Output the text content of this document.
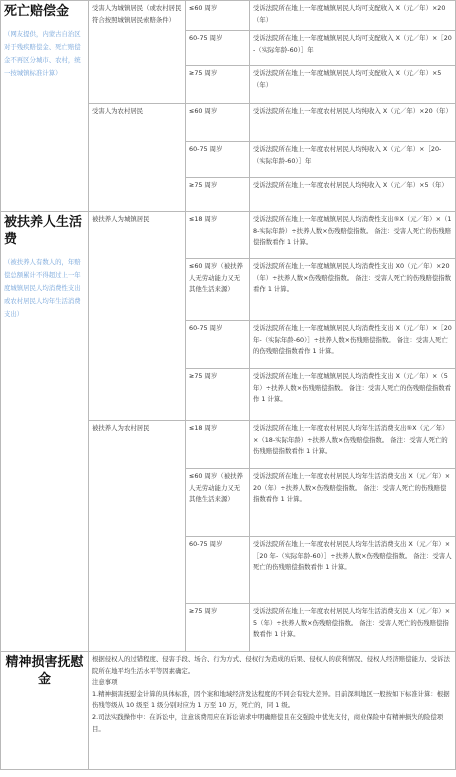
死亡赔偿金
（网友提供，内蒙古自治区对于残疾赔偿金、死亡赔偿金不再区分城市、农村，统一按城镇标准计算）	受害人为城镇居民（或农村居民符合按照城镇居民索赔条件）	≤60 周岁	受诉法院所在地上一年度城镇居民人均可支配收入 X（元／年）×20（年）
		60-75 周岁	受诉法院所在地上一年度城镇居民人均可支配收入 X（元／年）×［20-（实际年龄-60）］年
		≥75 周岁	受诉法院所在地上一年度城镇居民人均可支配收入 X（元／年）×5（年）
	受害人为农村居民	≤60 周岁	受诉法院所在地上一年度农村居民人均纯收入 X（元／年）×20（年）
		60-75 周岁	受诉法院所在地上一年度农村居民人均纯收入 X（元／年）×［20-（实际年龄-60）］年
		≥75 周岁	受诉法院所在地上一年度农村居民人均纯收入 X（元／年）×5（年）

被扶养人生活费
（被扶养人有数人的，年赔偿总额累计不得超过上一年度城镇居民人均消费性支出或农村居民人均年生活消费支出）	被扶养人为城镇居民	≤18 周岁	受诉法院所在地上一年度城镇居民人均消费性支出⑤X（元／年）×（18-实际年龄）÷扶养人数×伤残赔偿指数。 备注：受害人死亡的伤残赔偿指数看作 1 计算。
		≤60 周岁（被扶养人无劳动能力又无其他生活来源）	受诉法院所在地上一年度城镇居民人均消费性支出 X0（元／年）×20（年）÷扶养人数×伤残赔偿指数。 备注：受害人死亡的伤残赔偿指数看作 1 计算。
		60-75 周岁	受诉法院所在地上一年度城镇居民人均消费性支出 X（元／年）×［20 年-（实际年龄-60）］÷扶养人数×伤残赔偿指数。 备注：受害人死亡的伤残赔偿指数看作 1 计算。
		≥75 周岁	受诉法院所在地上一年度城镇居民人均消费性支出 X（元／年）×（5 年）÷扶养人数×伤残赔偿指数。 备注：受害人死亡的伤残赔偿指数看作 1 计算。
	被扶养人为农村居民	≤18 周岁	受诉法院所在地上一年度农村居民人均年生活消费支出⑤X（元／年）×（18-实际年龄）÷扶养人数×伤残赔偿指数。 备注：受害人死亡的伤残赔偿指数看作 1 计算。
		≤60 周岁（被扶养人无劳动能力又无其他生活来源）	受诉法院所在地上一年度农村居民人均年生活消费支出 X（元／年）×20（年）÷扶养人数×伤残赔偿指数。 备注：受害人死亡的伤残赔偿指数看作 1 计算。
		60-75 周岁	受诉法院所在地上一年度农村居民人均年生活消费支出 X（元／年）×［20 年-（实际年龄-60）］÷扶养人数×伤残赔偿指数。 备注：受害人死亡的伤残赔偿指数看作 1 计算。
		≥75 周岁	受诉法院所在地上一年度农村居民人均年生活消费支出 X（元／年）×5（年）÷扶养人数×伤残赔偿指数。 备注：受害人死亡的伤残赔偿指数看作 1 计算。

精神损害抚慰金	根据侵权人的过错程度、侵害手段、场合、行为方式、侵权行为造成的后果、侵权人的获利情况、侵权人经济赔偿能力、受诉法院所在地平均生活水平等因素确定。

注意事项

1.精神损害抚慰金计算的具体标准，因个案和地域经济发达程度的不同会有较大差异。目前深圳地区一般按如下标准计算：根据伤残等级从 10 级至 1 级分别对应为 1 万至 10 万，死亡的，同 1 级。

2.司法实践操作中：在诉讼中，注意该费用应在诉讼请求中明确赔偿且在交强险中优先支付，商业保险中有精神损失的险偿项目。		
